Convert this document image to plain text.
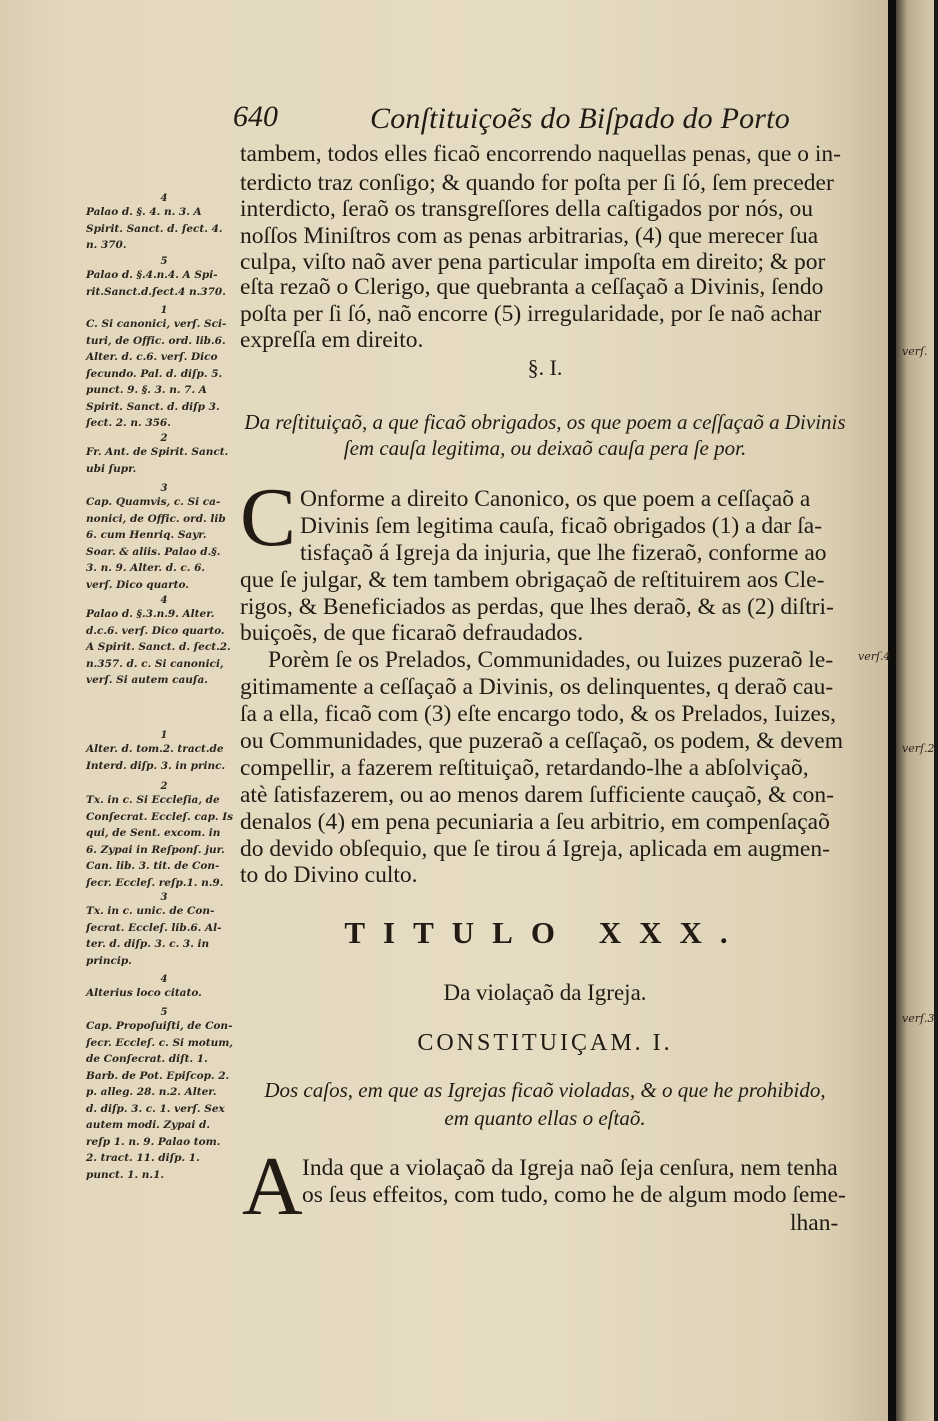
640	Conſtituiçoẽs do Biſpado do Porto
tambem, todos elles ficaõ encorrendo naquellas penas, que o in-
terdicto traz conſigo; & quando for poſta per ſi ſó, ſem preceder
interdicto, ſeraõ os transgreſſores della caſtigados por nós, ou
noſſos Miniſtros com as penas arbitrarias, (4) que merecer ſua
culpa, viſto naõ aver pena particular impoſta em direito; & por
eſta rezaõ o Clerigo, que quebranta a ceſſaçaõ a Divinis, ſendo
poſta per ſi ſó, naõ encorre (5) irregularidade, por ſe naõ achar
expreſſa em direito.
§. I.
Da reſtituiçaõ, a que ficaõ obrigados, os que poem a ceſſaçaõ a Divinis
ſem cauſa legitima, ou deixaõ cauſa pera ſe por.
C Onforme a direito Canonico, os que poem a ceſſaçaõ a
Divinis ſem legitima cauſa, ficaõ obrigados (1) a dar ſa-
tisfaçaõ á Igreja da injuria, que lhe fizeraõ, conforme ao
que ſe julgar, & tem tambem obrigaçaõ de reſtituirem aos Cle-
rigos, & Beneficiados as perdas, que lhes deraõ, & as (2) diſtri-
buiçoẽs, de que ficaraõ defraudados.
Porèm ſe os Prelados, Communidades, ou Iuizes puzeraõ le-
gitimamente a ceſſaçaõ a Divinis, os delinquentes, q deraõ cau-
ſa a ella, ficaõ com (3) eſte encargo todo, & os Prelados, Iuizes,
ou Communidades, que puzeraõ a ceſſaçaõ, os podem, & devem
compellir, a fazerem reſtituiçaõ, retardando-lhe a abſolviçaõ,
atè ſatisfazerem, ou ao menos darem ſufficiente cauçaõ, & con-
denalos (4) em pena pecuniaria a ſeu arbitrio, em compenſaçaõ
do devido obſequio, que ſe tirou á Igreja, aplicada em augmen-
to do Divino culto.
TITULO XXX.
Da violaçaõ da Igreja.
CONSTITUIÇAM. I.
Dos caſos, em que as Igrejas ficaõ violadas, & o que he prohibido,
em quanto ellas o eſtaõ.
A Inda que a violaçaõ da Igreja naõ ſeja cenſura, nem tenha
os ſeus effeitos, com tudo, como he de algum modo ſeme-
lhan-
4
Palao d. §. 4. n. 3. A
Spirit. Sanct. d. ſect. 4.
n. 370.
5
Palao d. §.4.n.4. A Spi-
rit.Sanct.d.ſect.4 n.370.
1
C. Si canonici, verſ. Sci-
turi, de Offic. ord. lib.6.
Alter. d. c.6. verſ. Dico
ſecundo. Pal. d. diſp. 5.
punct. 9. §. 3. n. 7. A
Spirit. Sanct. d. diſp 3.
ſect. 2. n. 356.
2
Fr. Ant. de Spirit. Sanct.
ubi ſupr.
3
Cap. Quamvis, c. Si ca-
nonici, de Offic. ord. lib
6. cum Henriq. Sayr.
Soar. & aliis. Palao d.§.
3. n. 9. Alter. d. c. 6.
verſ. Dico quarto.
4
Palao d. §.3.n.9. Alter.
d.c.6. verſ. Dico quarto.
A Spirit. Sanct. d. ſect.2.
n.357. d. c. Si canonici,
verſ. Si autem cauſa.
1
Alter. d. tom.2. tract.de
Interd. diſp. 3. in princ.
2
Tx. in c. Si Eccleſia, de
Conſecrat. Eccleſ. cap. Is
qui, de Sent. excom. in
6. Zypai in Reſponſ. jur.
Can. lib. 3. tit. de Con-
ſecr. Eccleſ. reſp.1. n.9.
3
Tx. in c. unic. de Con-
ſecrat. Eccleſ. lib.6. Al-
ter. d. diſp. 3. c. 3. in
princip.
4
Alterius loco citato.
5
Cap. Propoſuiſti, de Con-
ſecr. Eccleſ. c. Si motum,
de Conſecrat. diſt. 1.
Barb. de Pot. Epiſcop. 2.
p. alleg. 28. n.2. Alter.
d. diſp. 3. c. 1. verſ. Sex
autem modi. Zypai d.
reſp 1. n. 9. Palao tom.
2. tract. 11. diſp. 1.
punct. 1. n.1.
verſ.
verſ.4
verſ.2.
verſ.3.
